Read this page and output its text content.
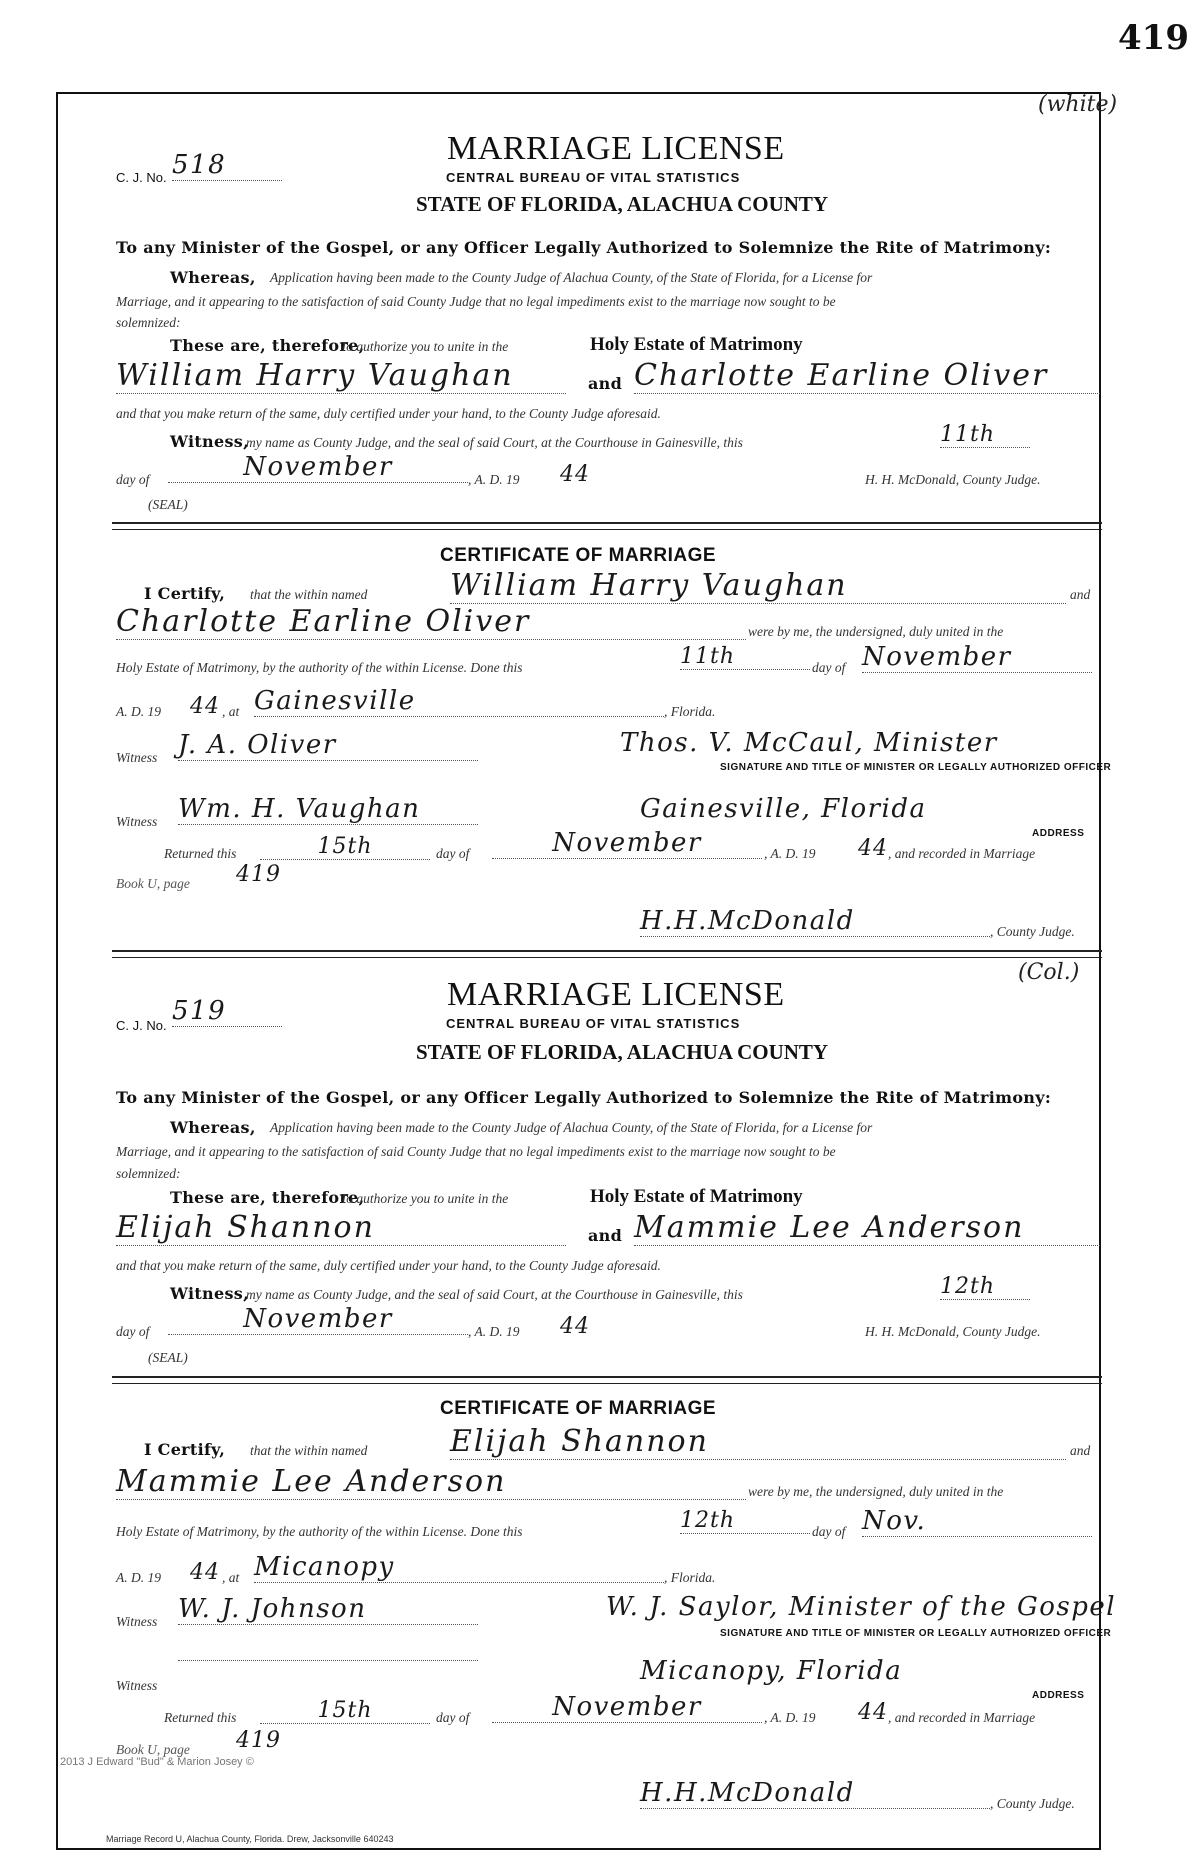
419
(white)
MARRIAGE LICENSE
C. J. No. 518	CENTRAL BUREAU OF VITAL STATISTICS
STATE OF FLORIDA, ALACHUA COUNTY
To any Minister of the Gospel, or any Officer Legally Authorized to Solemnize the Rite of Matrimony:
Whereas, Application having been made to the County Judge of Alachua County, of the State of Florida, for a License for
Marriage, and it appearing to the satisfaction of said County Judge that no legal impediments exist to the marriage now sought to be
solemnized:
These are, therefore,
To authorize you to unite in the	Holy Estate of Matrimony
William Harry Vaughan	and Charlotte Earline Oliver
and that you make return of the same, duly certified under your hand, to the County Judge aforesaid.
Witness,
my name as County Judge, and the seal of said Court, at the Courthouse in Gainesville, this	11th
day of	November	, A. D. 19 44	H. H. McDonald, County Judge.
(SEAL)
CERTIFICATE OF MARRIAGE
I Certify, that the within named	William Harry Vaughan	and
Charlotte Earline Oliver	were by me, the undersigned, duly united in the
Holy Estate of Matrimony, by the authority of the within License. Done this	11th	day of November
A. D. 19 44 , at Gainesville	, Florida.
Witness J. A. Oliver	Thos. V. McCaul, Minister
SIGNATURE AND TITLE OF MINISTER OR LEGALLY AUTHORIZED OFFICER
Witness Wm. H. Vaughan	Gainesville, Florida
ADDRESS
Returned this	15th	day of	November	, A. D. 19 44 , and recorded in Marriage
Book U, page 419
H.H.McDonald	, County Judge.
(Col.)
MARRIAGE LICENSE
C. J. No. 519	CENTRAL BUREAU OF VITAL STATISTICS
STATE OF FLORIDA, ALACHUA COUNTY
To any Minister of the Gospel, or any Officer Legally Authorized to Solemnize the Rite of Matrimony:
Whereas, Application having been made to the County Judge of Alachua County, of the State of Florida, for a License for
Marriage, and it appearing to the satisfaction of said County Judge that no legal impediments exist to the marriage now sought to be
solemnized:
These are, therefore,
To authorize you to unite in the	Holy Estate of Matrimony
Elijah Shannon	and Mammie Lee Anderson
and that you make return of the same, duly certified under your hand, to the County Judge aforesaid.
Witness,
my name as County Judge, and the seal of said Court, at the Courthouse in Gainesville, this	12th
day of	November	, A. D. 19 44	H. H. McDonald, County Judge.
(SEAL)
CERTIFICATE OF MARRIAGE
I Certify, that the within named	Elijah Shannon	and
Mammie Lee Anderson	were by me, the undersigned, duly united in the
Holy Estate of Matrimony, by the authority of the within License. Done this	12th	day of Nov.
A. D. 19 44 , at Micanopy	, Florida.
Witness W. J. Johnson	W. J. Saylor, Minister of the Gospel
SIGNATURE AND TITLE OF MINISTER OR LEGALLY AUTHORIZED OFFICER
Witness	Micanopy, Florida
ADDRESS
Returned this	15th	day of	November	, A. D. 19 44 , and recorded in Marriage
Book U, page 419
2013 J Edward "Bud" & Marion Josey ©
H.H.McDonald	, County Judge.
Marriage Record U, Alachua County, Florida. Drew, Jacksonville 640243
